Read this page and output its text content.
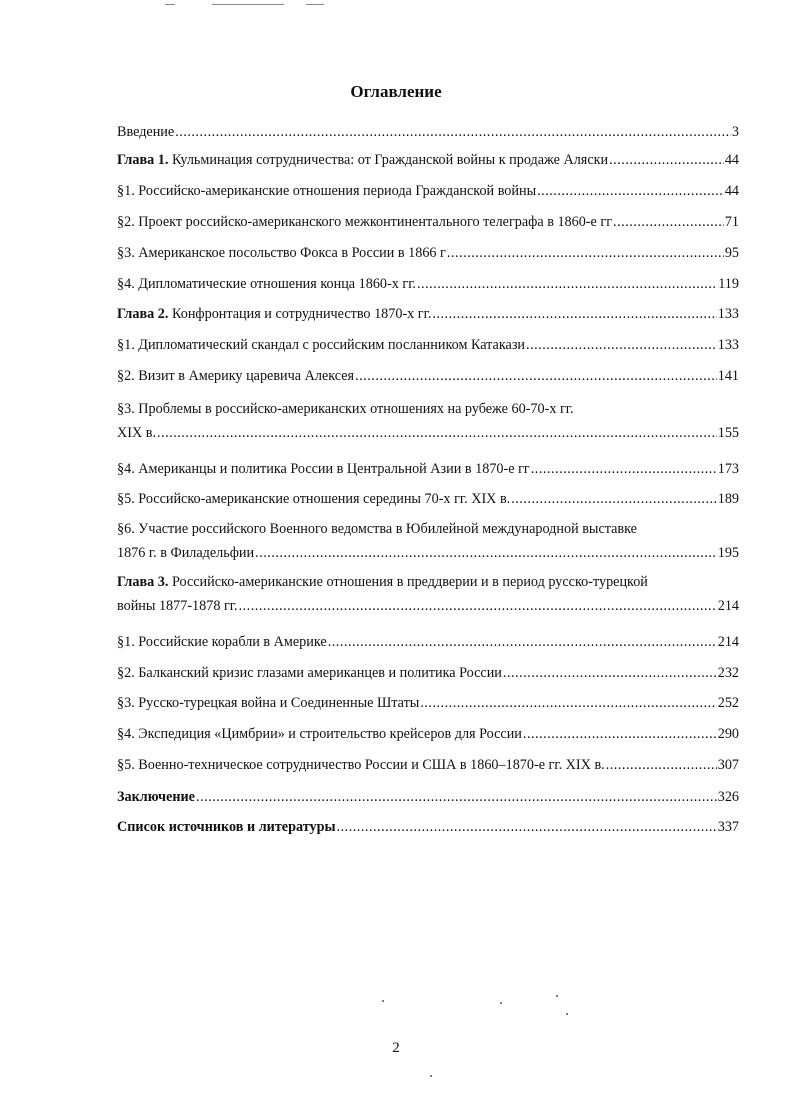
Оглавление
Введение .....	3
Глава 1. Кульминация сотрудничества: от Гражданской войны к продаже Аляски .....	44
§1. Российско-американские отношения периода Гражданской войны .....	44
§2. Проект российско-американского межконтинентального телеграфа в 1860-е гг .....	71
§3. Американское посольство Фокса в России в 1866 г .....	95
§4. Дипломатические отношения конца 1860-х гг. .....	119
Глава 2. Конфронтация и сотрудничество 1870-х гг. .....	133
§1. Дипломатический скандал с российским посланником Катакази .....	133
§2. Визит в Америку царевича Алексея .....	141
§3. Проблемы в российско-американских отношениях на рубеже 60-70-х гг.
XIX в. .....	155
§4. Американцы и политика России в Центральной Азии в 1870-е гг .....	173
§5. Российско-американские отношения середины 70-х гг. XIX в. .....	189
§6. Участие российского Военного ведомства в Юбилейной международной выставке
1876 г. в Филадельфии .....	195
Глава 3. Российско-американские отношения в преддверии и в период русско-турецкой
войны 1877-1878 гг. .....	214
§1. Российские корабли в Америке .....	214
§2. Балканский кризис глазами американцев и политика России .....	232
§3. Русско-турецкая война и Соединенные Штаты .....	252
§4. Экспедиция «Цимбрии» и строительство крейсеров для России .....	290
§5. Военно-техническое сотрудничество России и США в 1860–1870-е гг. XIX в. .....	307
Заключение .....	326
Список источников и литературы .....	337
2
